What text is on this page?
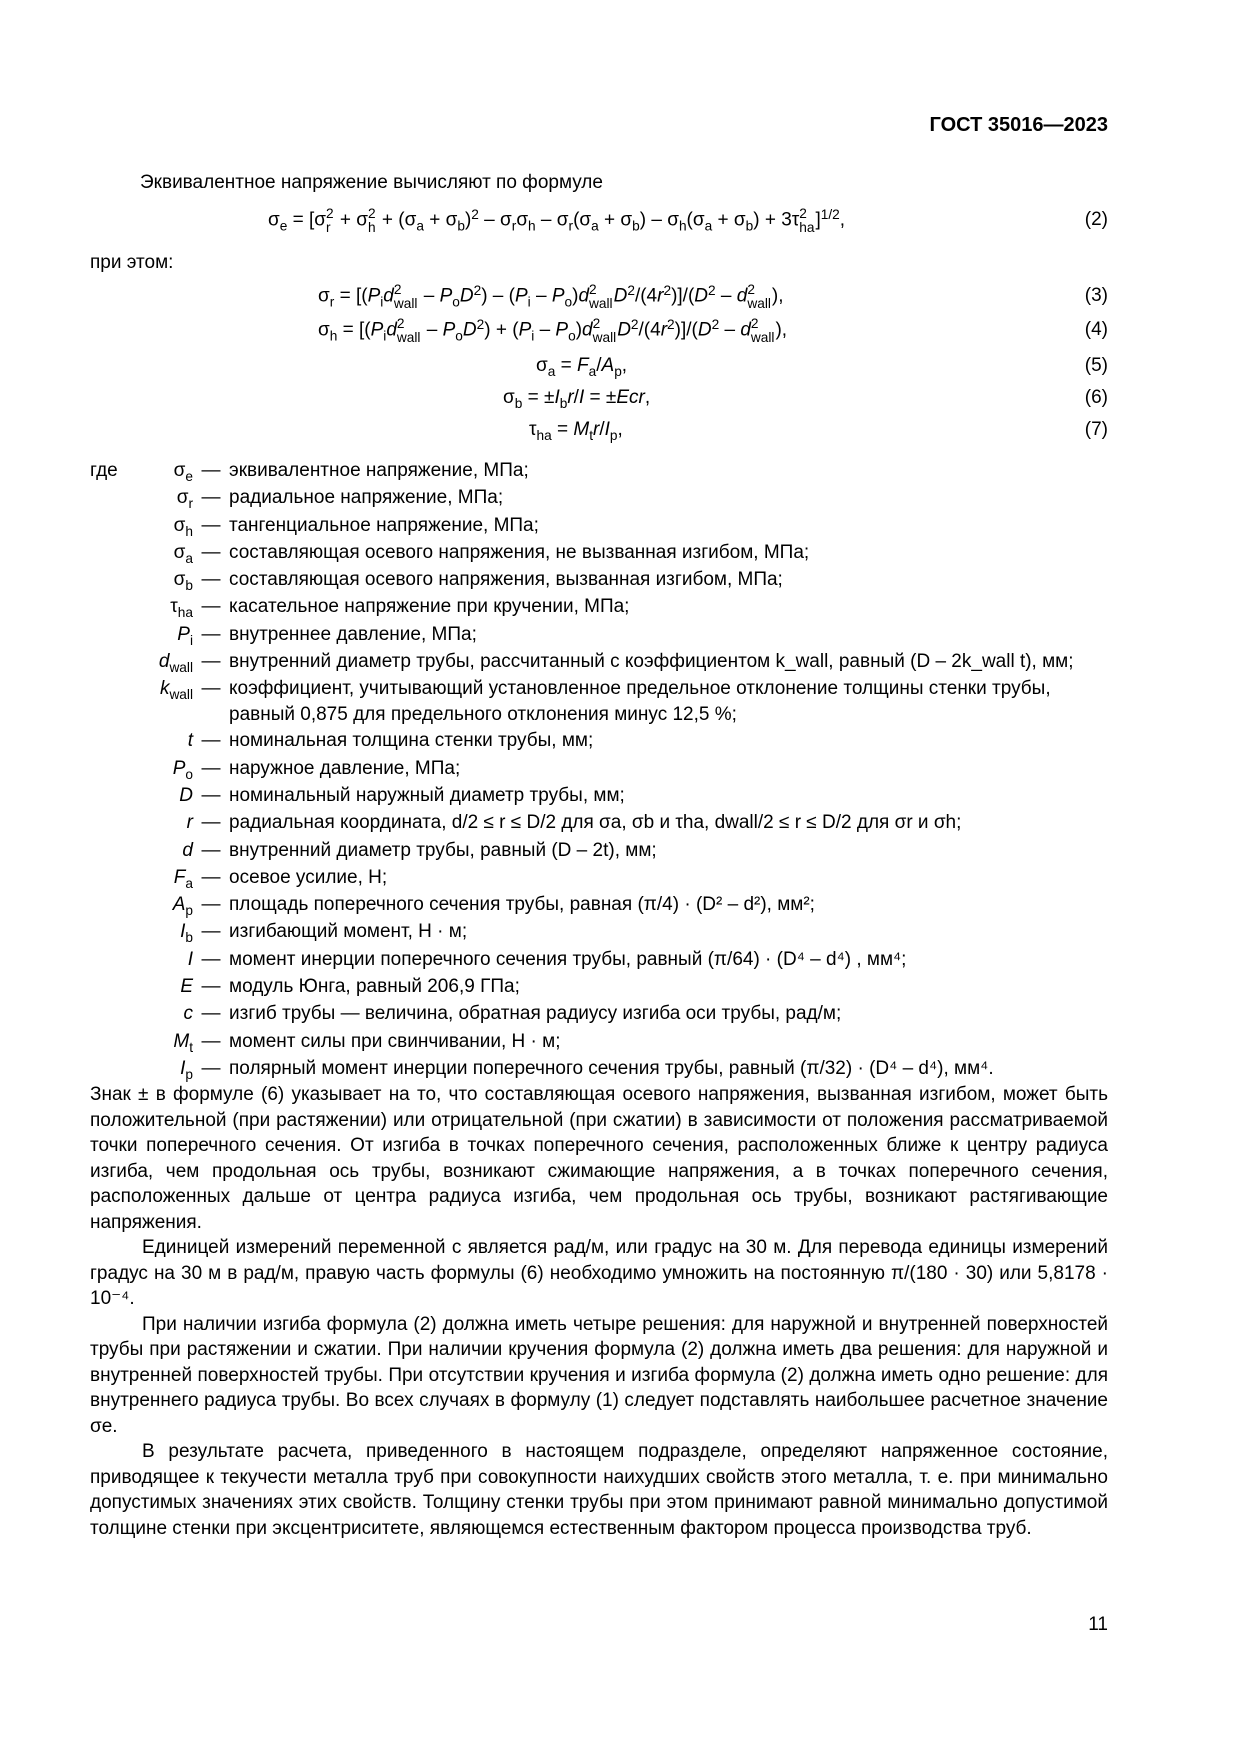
ГОСТ 35016—2023
Эквивалентное напряжение вычисляют по формуле
$\sigma_e = [\sigma$ 2
r + σ 2
$h + (\sigma_a + \sigma_b)^2 - \sigma_r\sigma_h - \sigma_r(\sigma_a + \sigma_b) - \sigma_h(\sigma_a + \sigma_b) + 3\tau$ 2
ha ]$^{1/2}$,	(2)
при этом:
$\sigma_r = [(P_id$ 2
wall – $P_oD^2) - (P_i - P_o)d$ 2
wall $D^2/(4r^2)]/(D^2$ – d 2
wall ),	(3)
$\sigma_h = [(P_id$ 2
wall – $P_oD^2) + (P_i - P_o)d$ 2
wall $D^2/(4r^2)]/(D^2$ – d 2
wall ),	(4)
$\sigma_a = F_a/A_p$,	(5)
$\sigma_b = \pm I_br/I = \pm Ecr$,	(6)
$\tau_{ha} = M_tr/I_p$,	(7)
где $\sigma_e$	—	эквивалентное напряжение, МПа;
$\sigma_r$	—	радиальное напряжение, МПа;
$\sigma_h$	—	тангенциальное напряжение, МПа;
$\sigma_a$	—	составляющая осевого напряжения, не вызванная изгибом, МПа;
$\sigma_b$	—	составляющая осевого напряжения, вызванная изгибом, МПа;
$\tau_{ha}$	—	касательное напряжение при кручении, МПа;
$P_i$	—	внутреннее давление, МПа;
$d_{wall}$	—	внутренний диаметр трубы, рассчитанный с коэффициентом k_wall, равный (D – 2k_wall t), мм;
$k_{wall}$	—	коэффициент, учитывающий установленное предельное отклонение толщины стенки трубы, равный 0,875 для предельного отклонения минус 12,5 %;
t	—	номинальная толщина стенки трубы, мм;
$P_o$	—	наружное давление, МПа;
D	—	номинальный наружный диаметр трубы, мм;
r	—	радиальная координата, d/2 ≤ r ≤ D/2 для σa, σb и τha, dwall/2 ≤ r ≤ D/2 для σr и σh;
d	—	внутренний диаметр трубы, равный (D – 2t), мм;
$F_a$	—	осевое усилие, Н;
$A_p$	—	площадь поперечного сечения трубы, равная (π/4) · (D² – d²), мм²;
$I_b$	—	изгибающий момент, Н · м;
I	—	момент инерции поперечного сечения трубы, равный (π/64) · (D⁴ – d⁴) , мм⁴;
E	—	модуль Юнга, равный 206,9 ГПа;
c	—	изгиб трубы — величина, обратная радиусу изгиба оси трубы, рад/м;
$M_t$	—	момент силы при свинчивании, Н · м;
$I_p$	—	полярный момент инерции поперечного сечения трубы, равный (π/32) · (D⁴ – d⁴), мм⁴.

Знак ± в формуле (6) указывает на то, что составляющая осевого напряжения, вызванная изгибом, может быть положительной (при растяжении) или отрицательной (при сжатии) в зависимости от положения рассматриваемой точки поперечного сечения. От изгиба в точках поперечного сечения, расположенных ближе к центру радиуса изгиба, чем продольная ось трубы, возникают сжимающие напряжения, а в точках поперечного сечения, расположенных дальше от центра радиуса изгиба, чем продольная ось трубы, возникают растягивающие напряжения.

Единицей измерений переменной c является рад/м, или градус на 30 м. Для перевода единицы измерений градус на 30 м в рад/м, правую часть формулы (6) необходимо умножить на постоянную π/(180 · 30) или 5,8178 · 10⁻⁴.

При наличии изгиба формула (2) должна иметь четыре решения: для наружной и внутренней поверхностей трубы при растяжении и сжатии. При наличии кручения формула (2) должна иметь два решения: для наружной и внутренней поверхностей трубы. При отсутствии кручения и изгиба формула (2) должна иметь одно решение: для внутреннего радиуса трубы. Во всех случаях в формулу (1) следует подставлять наибольшее расчетное значение σe.

В результате расчета, приведенного в настоящем подразделе, определяют напряженное состояние, приводящее к текучести металла труб при совокупности наихудших свойств этого металла, т. е. при минимально допустимых значениях этих свойств. Толщину стенки трубы при этом принимают равной минимально допустимой толщине стенки при эксцентриситете, являющемся естественным фактором процесса производства труб.

11
